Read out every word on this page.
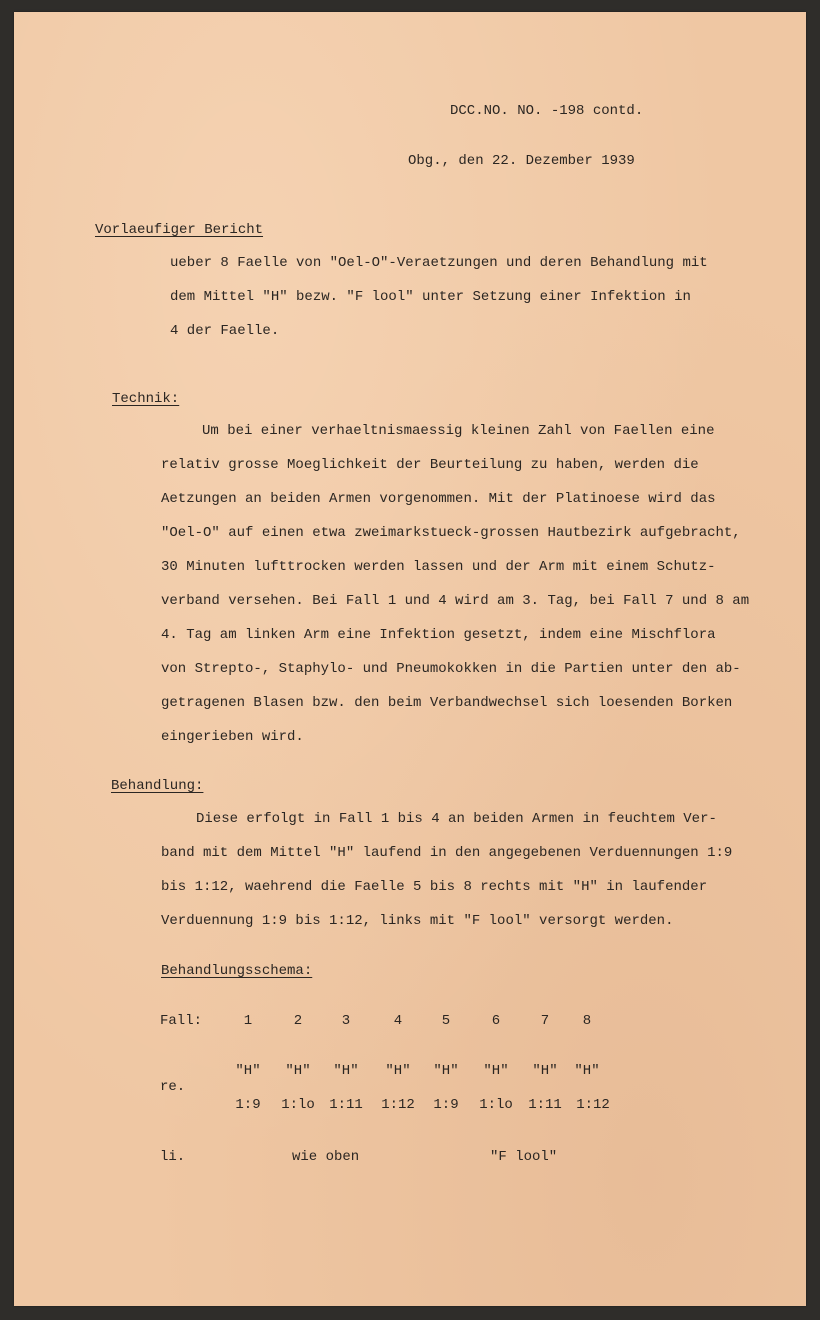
DCC.NO. NO. -198 contd.
Obg., den 22. Dezember 1939
Vorlaeufiger Bericht
ueber 8 Faelle von "Oel-O"-Veraetzungen und deren Behandlung mit
dem Mittel "H" bezw. "F lool" unter Setzung einer Infektion in
4 der Faelle.
Technik:
Um bei einer verhaeltnismaessig kleinen Zahl von Faellen eine
relativ grosse Moeglichkeit der Beurteilung zu haben, werden die
Aetzungen an beiden Armen vorgenommen. Mit der Platinoese wird das
"Oel-O" auf einen etwa zweimarkstueck-grossen Hautbezirk aufgebracht,
30 Minuten lufttrocken werden lassen und der Arm mit einem Schutz-
verband versehen. Bei Fall 1 und 4 wird am 3. Tag, bei Fall 7 und 8 am
4. Tag am linken Arm eine Infektion gesetzt, indem eine Mischflora
von Strepto-, Staphylo- und Pneumokokken in die Partien unter den ab-
getragenen Blasen bzw. den beim Verbandwechsel sich loesenden Borken
eingerieben wird.
Behandlung:
Diese erfolgt in Fall 1 bis 4 an beiden Armen in feuchtem Ver-
band mit dem Mittel "H" laufend in den angegebenen Verduennungen 1:9
bis 1:12, waehrend die Faelle 5 bis 8 rechts mit "H" in laufender
Verduennung 1:9 bis 1:12, links mit "F lool" versorgt werden.
Behandlungsschema:
Fall:	1	2	3	4	5	6	7	8
re.
"H"	"H"	"H"	"H"	"H"	"H"	"H"	"H"
1:9	1:lo	1:11	1:12	1:9	1:lo	1:11	1:12
li.	wie oben	"F lool"
